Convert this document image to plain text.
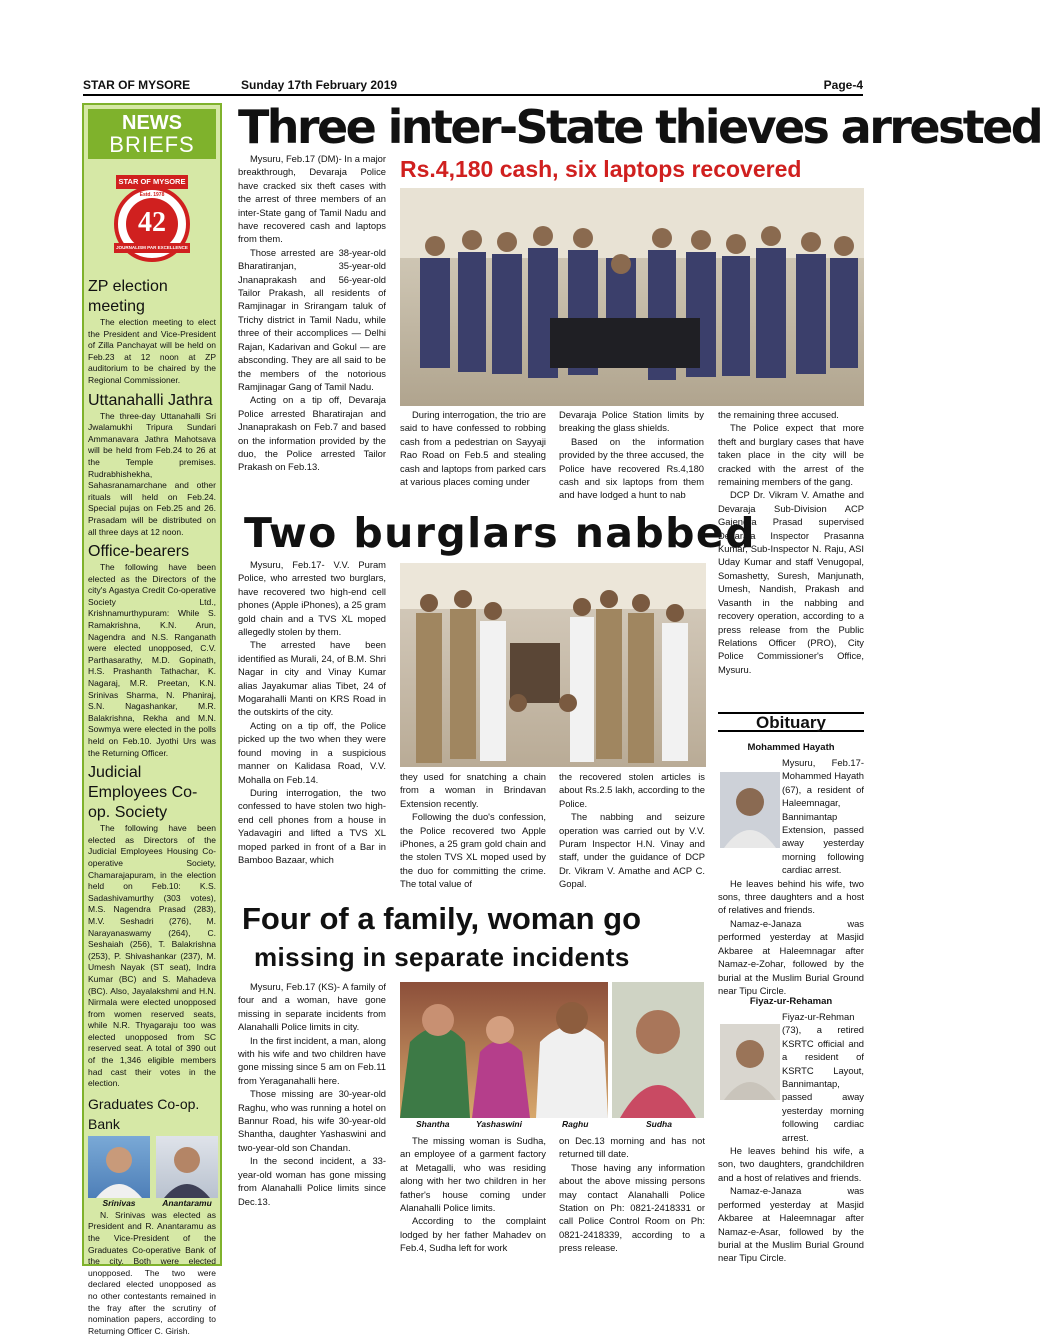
STAR OF MYSORE	Sunday 17th February 2019	Page-4
NEWS
BRIEFS
STAR OF MYSORE
Estd. 1978
42
JOURNALISM PAR EXCELLENCE
ZP election meeting

The election meeting to elect the President and Vice-President of Zilla Panchayat will be held on Feb.23 at 12 noon at ZP auditorium to be chaired by the Regional Commissioner.

Uttanahalli Jathra

The three-day Uttanahalli Sri Jwalamukhi Tripura Sundari Ammanavara Jathra Mahotsava will be held from Feb.24 to 26 at the Temple premises. Rudrabhishekha, Sahasranamarchane and other rituals will held on Feb.24. Special pujas on Feb.25 and 26. Prasadam will be distributed on all three days at 12 noon.

Office-bearers

The following have been elected as the Directors of the city's Agastya Credit Co-operative Society Ltd., Krishnamurthypuram: While S. Ramakrishna, K.N. Arun, Nagendra and N.S. Ranganath were elected unopposed, C.V. Parthasarathy, M.D. Gopinath, H.S. Prashanth Tathachar, K. Nagaraj, M.R. Preetan, K.N. Srinivas Sharma, N. Phaniraj, S.N. Nagashankar, M.R. Balakrishna, Rekha and M.N. Sowmya were elected in the polls held on Feb.10. Jyothi Urs was the Returning Officer.

Judicial Employees Co-op. Society

The following have been elected as Directors of the Judicial Employees Housing Co-operative Society, Chamarajapuram, in the election held on Feb.10: K.S. Sadashivamurthy (303 votes), M.S. Nagendra Prasad (283), M.V. Seshadri (276), M. Narayanaswamy (264), C. Seshaiah (256), T. Balakrishna (253), P. Shivashankar (237), M. Umesh Nayak (ST seat), Indra Kumar (BC) and S. Mahadeva (BC). Also, Jayalakshmi and H.N. Nirmala were elected unopposed from women reserved seats, while N.R. Thyagaraju too was elected unopposed from SC reserved seat. A total of 390 out of the 1,346 eligible members had cast their votes in the election.

Graduates Co-op. Bank
Srinivas	Anantaramu

N. Srinivas was elected as President and R. Anantaramu as the Vice-President of the Graduates Co-operative Bank of the city. Both were elected unopposed. The two were declared elected unopposed as no other contestants remained in the fray after the scrutiny of nomination papers, according to Returning Officer C. Girish.

Three inter-State thieves arrested
Rs.4,180 cash, six laptops recovered

Mysuru, Feb.17 (DM)- In a major breakthrough, Devaraja Police have cracked six theft cases with the arrest of three members of an inter-State gang of Tamil Nadu and have recovered cash and laptops from them.

Those arrested are 38-year-old Bharatiranjan, 35-year-old Jnanaprakash and 56-year-old Tailor Prakash, all residents of Ramjinagar in Srirangam taluk of Trichy district in Tamil Nadu, while three of their accomplices — Delhi Rajan, Kadarivan and Gokul — are absconding. They are all said to be the members of the notorious Ramjinagar Gang of Tamil Nadu.

Acting on a tip off, Devaraja Police arrested Bharatirajan and Jnanaprakash on Feb.7 and based on the information provided by the duo, the Police arrested Tailor Prakash on Feb.13.

During interrogation, the trio are said to have confessed to robbing cash from a pedestrian on Sayyaji Rao Road on Feb.5 and stealing cash and laptops from parked cars at various places coming under

Devaraja Police Station limits by breaking the glass shields.

Based on the information provided by the three accused, the Police have recovered Rs.4,180 cash and six laptops from them and have lodged a hunt to nab

the remaining three accused.

The Police expect that more theft and burglary cases that have taken place in the city will be cracked with the arrest of the remaining members of the gang.

DCP Dr. Vikram V. Amathe and Devaraja Sub-Division ACP Gajendra Prasad supervised Devaraja Inspector Prasanna Kumar, Sub-Inspector N. Raju, ASI Uday Kumar and staff Venugopal, Somashetty, Suresh, Manjunath, Umesh, Nandish, Prakash and Vasanth in the nabbing and recovery operation, according to a press release from the Public Relations Officer (PRO), City Police Commissioner's Office, Mysuru.

Two burglars nabbed

Mysuru, Feb.17- V.V. Puram Police, who arrested two burglars, have recovered two high-end cell phones (Apple iPhones), a 25 gram gold chain and a TVS XL moped allegedly stolen by them.

The arrested have been identified as Murali, 24, of B.M. Shri Nagar in city and Vinay Kumar alias Jayakumar alias Tibet, 24 of Mogarahalli Manti on KRS Road in the outskirts of the city.

Acting on a tip off, the Police picked up the two when they were found moving in a suspicious manner on Kalidasa Road, V.V. Mohalla on Feb.14.

During interrogation, the two confessed to have stolen two high-end cell phones from a house in Yadavagiri and lifted a TVS XL moped parked in front of a Bar in Bamboo Bazaar, which

they used for snatching a chain from a woman in Brindavan Extension recently.

Following the duo's confession, the Police recovered two Apple iPhones, a 25 gram gold chain and the stolen TVS XL moped used by the duo for committing the crime. The total value of

the recovered stolen articles is about Rs.2.5 lakh, according to the Police.

The nabbing and seizure operation was carried out by V.V. Puram Inspector H.N. Vinay and staff, under the guidance of DCP Dr. Vikram V. Amathe and ACP C. Gopal.

Obituary
Mohammed Hayath

Mysuru, Feb.17- Mohammed Hayath (67), a resident of Haleemnagar, Bannimantap Extension, passed away yesterday morning following cardiac arrest.

He leaves behind his wife, two sons, three daughters and a host of relatives and friends.

Namaz-e-Janaza was performed yesterday at Masjid Akbaree at Haleemnagar after Namaz-e-Zohar, followed by the burial at the Muslim Burial Ground near Tipu Circle.

Fiyaz-ur-Rehaman

Fiyaz-ur-Rehman (73), a retired KSRTC official and a resident of KSRTC Layout, Bannimantap, passed away yesterday morning following cardiac arrest.

He leaves behind his wife, a son, two daughters, grandchildren and a host of relatives and friends.

Namaz-e-Janaza was performed yesterday at Masjid Akbaree at Haleemnagar after Namaz-e-Asar, followed by the burial at the Muslim Burial Ground near Tipu Circle.

Four of a family, woman go
missing in separate incidents

Mysuru, Feb.17 (KS)- A family of four and a woman, have gone missing in separate incidents from Alanahalli Police limits in city.

In the first incident, a man, along with his wife and two children have gone missing since 5 am on Feb.11 from Yeraganahalli here.

Those missing are 30-year-old Raghu, who was running a hotel on Bannur Road, his wife 30-year-old Shantha, daughter Yashaswini and two-year-old son Chandan.

In the second incident, a 33-year-old woman has gone missing from Alanahalli Police limits since Dec.13.

Shantha	Yashaswini	Raghu	Sudha

The missing woman is Sudha, an employee of a garment factory at Metagalli, who was residing along with her two children in her father's house coming under Alanahalli Police limits.

According to the complaint lodged by her father Mahadev on Feb.4, Sudha left for work

on Dec.13 morning and has not returned till date.

Those having any information about the above missing persons may contact Alanahalli Police Station on Ph: 0821-2418331 or call Police Control Room on Ph: 0821-2418339, according to a press release.
